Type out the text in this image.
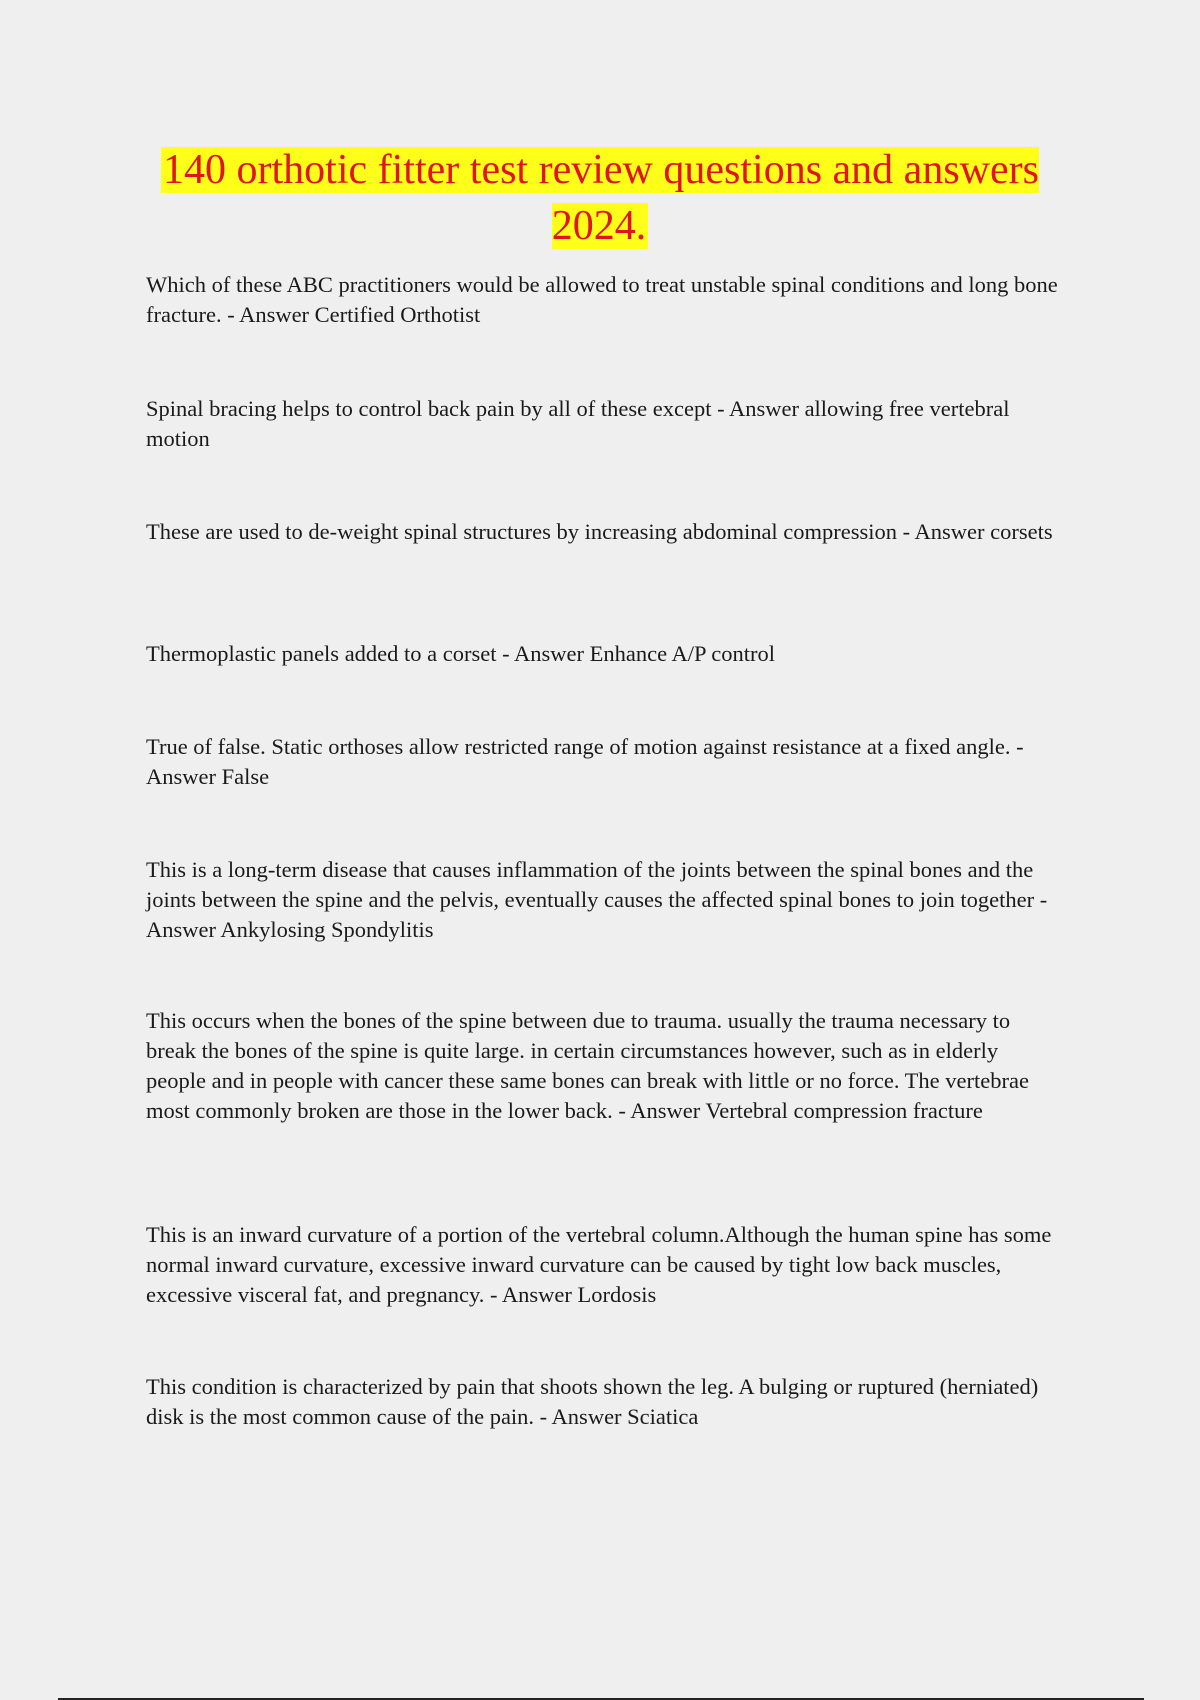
140 orthotic fitter test review questions and answers 2024.

Which of these ABC practitioners would be allowed to treat unstable spinal conditions and long bone fracture. - Answer Certified Orthotist

Spinal bracing helps to control back pain by all of these except - Answer allowing free vertebral motion

These are used to de-weight spinal structures by increasing abdominal compression - Answer corsets

Thermoplastic panels added to a corset - Answer Enhance A/P control

True of false. Static orthoses allow restricted range of motion against resistance at a fixed angle. - Answer False

This is a long-term disease that causes inflammation of the joints between the spinal bones and the joints between the spine and the pelvis, eventually causes the affected spinal bones to join together - Answer Ankylosing Spondylitis

This occurs when the bones of the spine between due to trauma. usually the trauma necessary to break the bones of the spine is quite large. in certain circumstances however, such as in elderly people and in people with cancer these same bones can break with little or no force. The vertebrae most commonly broken are those in the lower back. - Answer Vertebral compression fracture

This is an inward curvature of a portion of the vertebral column.Although the human spine has some normal inward curvature, excessive inward curvature can be caused by tight low back muscles, excessive visceral fat, and pregnancy. - Answer Lordosis

This condition is characterized by pain that shoots shown the leg. A bulging or ruptured (herniated) disk is the most common cause of the pain. - Answer Sciatica
